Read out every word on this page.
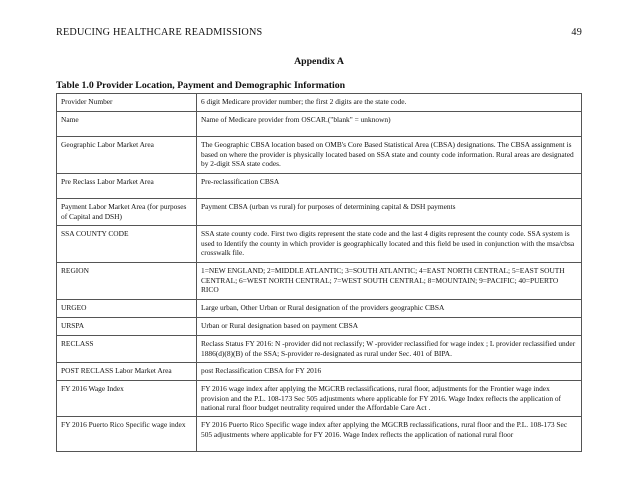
REDUCING HEALTHCARE READMISSIONS	49
Appendix A
Table 1.0 Provider Location, Payment and Demographic Information
Provider Number	6 digit Medicare provider number; the first 2 digits are the state code.
Name	Name of Medicare provider from OSCAR.("blank" = unknown)
Geographic Labor Market Area	The Geographic CBSA location based on OMB's Core Based Statistical Area (CBSA) designations. The CBSA assignment is based on where the provider is physically located based on SSA state and county code information. Rural areas are designated by 2-digit SSA state codes.
Pre Reclass Labor Market Area	Pre-reclassification CBSA
Payment Labor Market Area (for purposes of Capital and DSH)	Payment CBSA (urban vs rural) for purposes of determining capital & DSH payments
SSA COUNTY CODE	SSA state county code. First two digits represent the state code and the last 4 digits represent the county code. SSA system is used to Identify the county in which provider is geographically located and this field be used in conjunction with the msa/cbsa crosswalk file.
REGION	1=NEW ENGLAND; 2=MIDDLE ATLANTIC; 3=SOUTH ATLANTIC; 4=EAST NORTH CENTRAL; 5=EAST SOUTH CENTRAL; 6=WEST NORTH CENTRAL; 7=WEST SOUTH CENTRAL; 8=MOUNTAIN; 9=PACIFIC; 40=PUERTO RICO
URGEO	Large urban, Other Urban or Rural designation of the providers geographic CBSA
URSPA	Urban or Rural designation based on payment CBSA
RECLASS	Reclass Status FY 2016: N -provider did not reclassify; W -provider reclassified for wage index ; L provider reclassified under 1886(d)(8)(B) of the SSA; S-provider re-designated as rural under Sec. 401 of BIPA.
POST RECLASS Labor Market Area	post Reclassification CBSA for FY 2016
FY 2016 Wage Index	FY 2016 wage index after applying the MGCRB reclassifications, rural floor, adjustments for the Frontier wage index provision and the P.L. 108-173 Sec 505 adjustments where applicable for FY 2016. Wage Index reflects the application of national rural floor budget neutrality required under the Affordable Care Act .
FY 2016 Puerto Rico Specific wage index	FY 2016 Puerto Rico Specific wage index after applying the MGCRB reclassifications, rural floor and the P.L. 108-173 Sec 505 adjustments where applicable for FY 2016. Wage Index reflects the application of national rural floor
